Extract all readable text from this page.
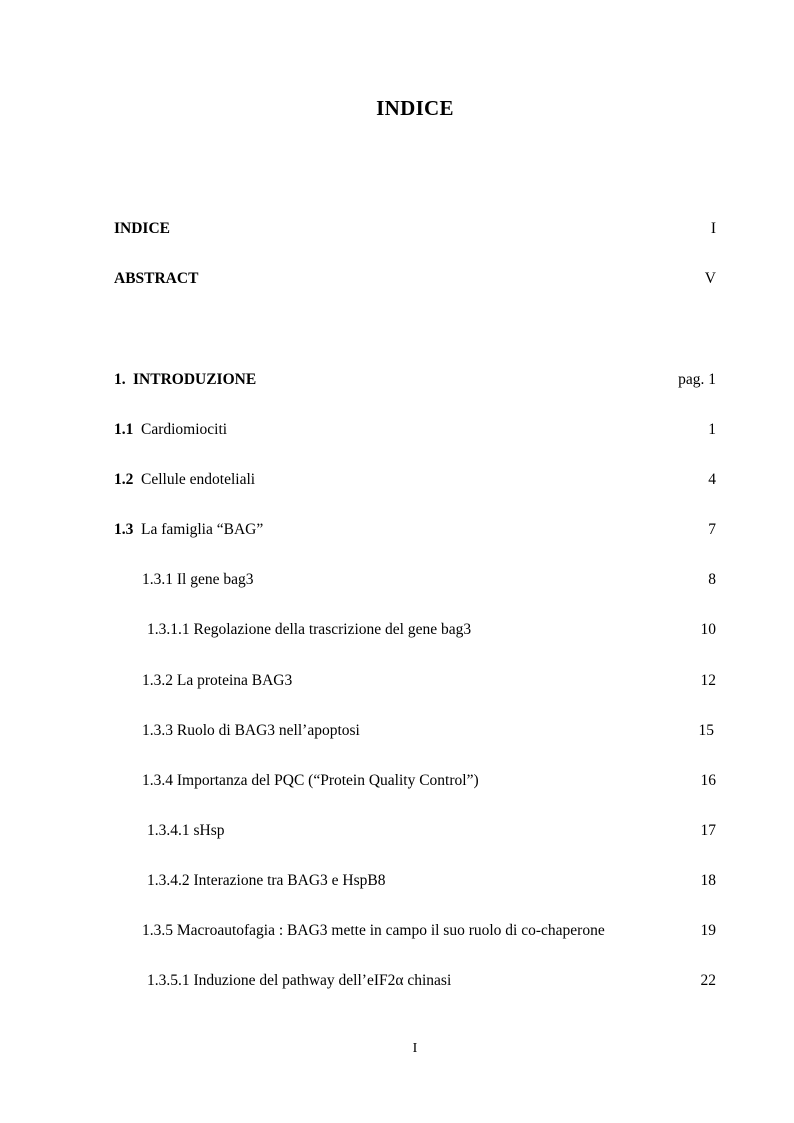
INDICE
INDICE	I
ABSTRACT	V
1. INTRODUZIONE	pag. 1
1.1 Cardiomiociti	1
1.2 Cellule endoteliali	4
1.3 La famiglia “BAG”	7
1.3.1 Il gene bag3	8
1.3.1.1 Regolazione della trascrizione del gene bag3	10
1.3.2 La proteina BAG3	12
1.3.3 Ruolo di BAG3 nell’apoptosi	15
1.3.4 Importanza del PQC (“Protein Quality Control”)	16
1.3.4.1 sHsp	17
1.3.4.2 Interazione tra BAG3 e HspB8	18
1.3.5 Macroautofagia : BAG3 mette in campo il suo ruolo di co-chaperone	19
1.3.5.1 Induzione del pathway dell’eIF2α chinasi	22
I
